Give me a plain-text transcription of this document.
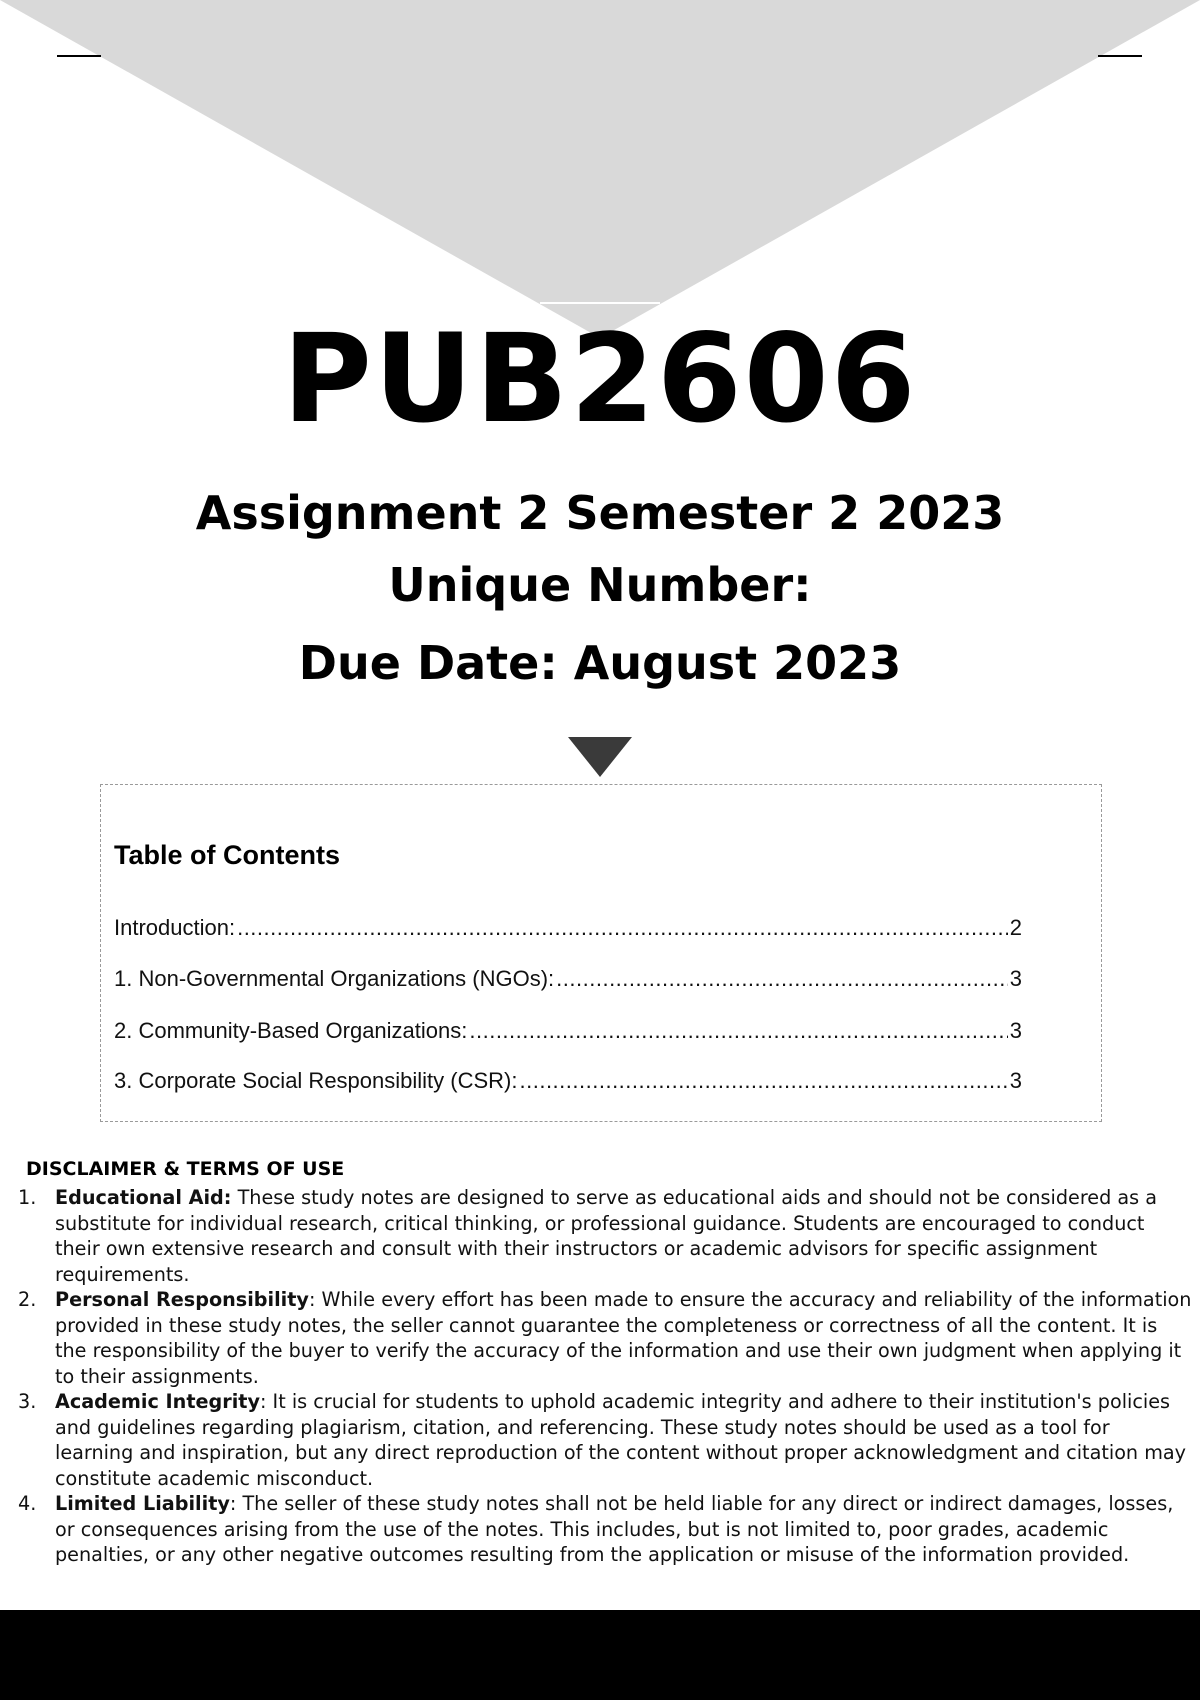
PUB2606
Assignment 2 Semester 2 2023
Unique Number:
Due Date: August 2023
Table of Contents
Introduction: .....	2
1. Non-Governmental Organizations (NGOs): .....	3
2. Community-Based Organizations: .....	3
3. Corporate Social Responsibility (CSR): .....	3
DISCLAIMER & TERMS OF USE
1. Educational Aid: These study notes are designed to serve as educational aids and should not be considered as a substitute for individual research, critical thinking, or professional guidance. Students are encouraged to conduct their own extensive research and consult with their instructors or academic advisors for specific assignment requirements.
2. Personal Responsibility: While every effort has been made to ensure the accuracy and reliability of the information provided in these study notes, the seller cannot guarantee the completeness or correctness of all the content. It is the responsibility of the buyer to verify the accuracy of the information and use their own judgment when applying it to their assignments.
3. Academic Integrity: It is crucial for students to uphold academic integrity and adhere to their institution's policies and guidelines regarding plagiarism, citation, and referencing. These study notes should be used as a tool for learning and inspiration, but any direct reproduction of the content without proper acknowledgment and citation may constitute academic misconduct.
4. Limited Liability: The seller of these study notes shall not be held liable for any direct or indirect damages, losses, or consequences arising from the use of the notes. This includes, but is not limited to, poor grades, academic penalties, or any other negative outcomes resulting from the application or misuse of the information provided.
